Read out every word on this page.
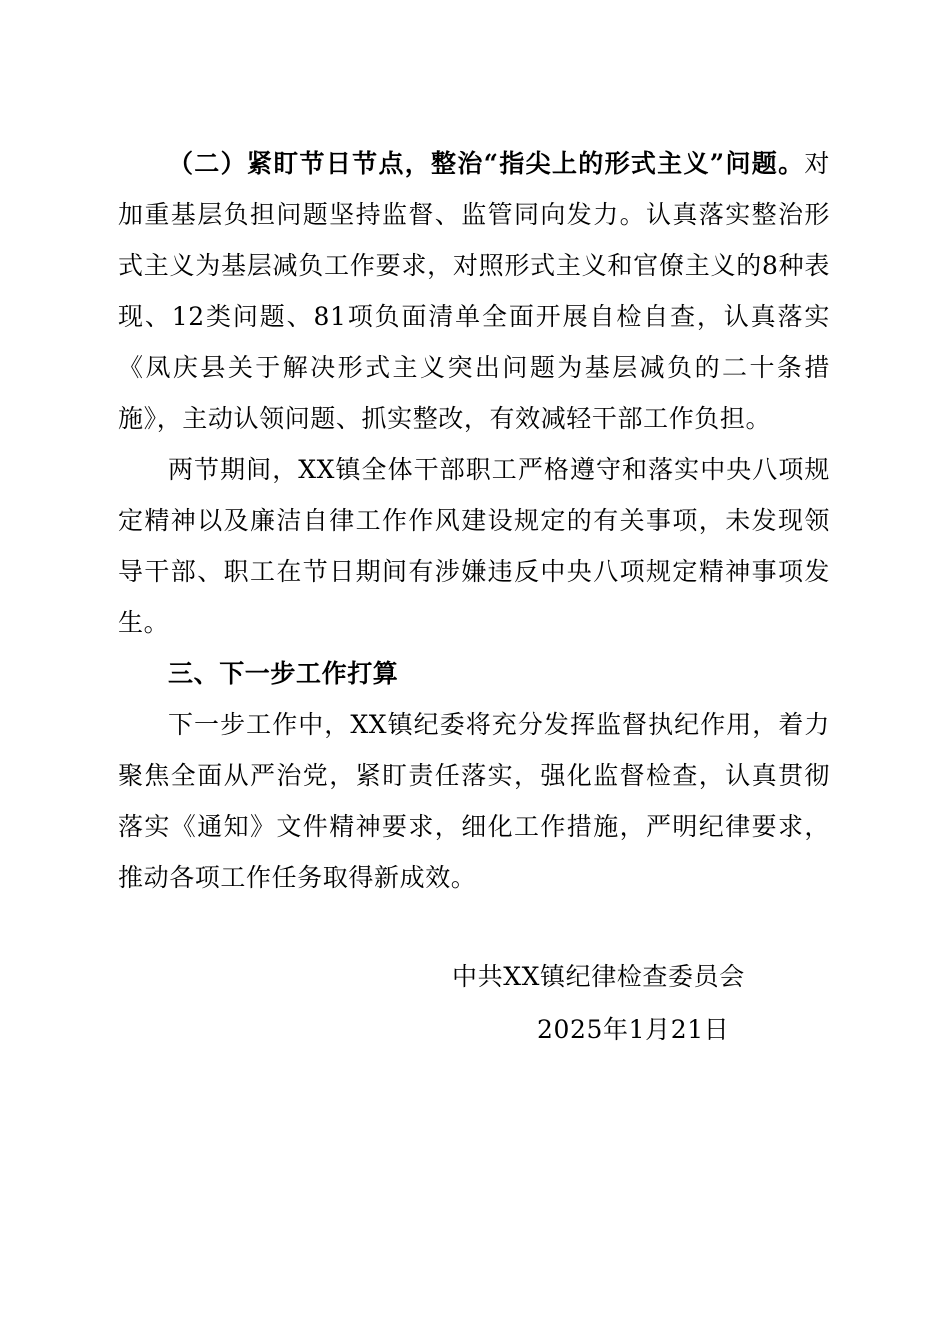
（二）紧盯节日节点，整治“指尖上的形式主义”问题。对加重基层负担问题坚持监督、监管同向发力。认真落实整治形式主义为基层减负工作要求，对照形式主义和官僚主义的8种表现、12类问题、81项负面清单全面开展自检自查，认真落实《凤庆县关于解决形式主义突出问题为基层减负的二十条措施》，主动认领问题、抓实整改，有效减轻干部工作负担。

两节期间，XX镇全体干部职工严格遵守和落实中央八项规定精神以及廉洁自律工作作风建设规定的有关事项，未发现领导干部、职工在节日期间有涉嫌违反中央八项规定精神事项发生。

三、下一步工作打算

下一步工作中，XX镇纪委将充分发挥监督执纪作用，着力聚焦全面从严治党，紧盯责任落实，强化监督检查，认真贯彻落实《通知》文件精神要求，细化工作措施，严明纪律要求，推动各项工作任务取得新成效。

中共XX镇纪律检查委员会
2025年1月21日
